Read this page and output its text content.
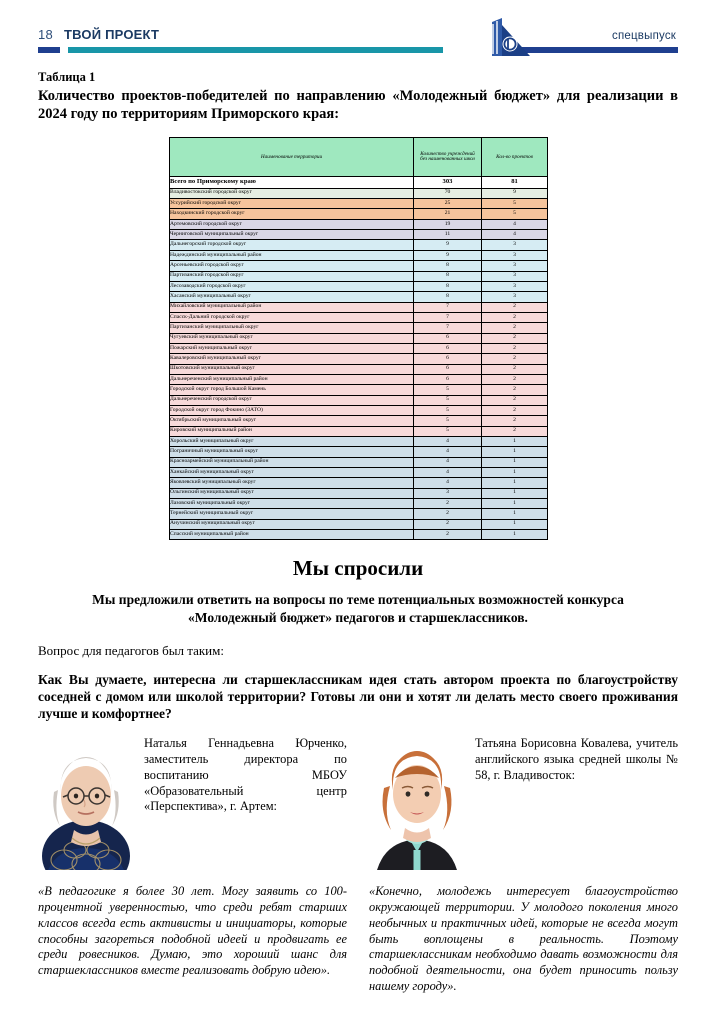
18 ТВОЙ ПРОЕКТ	спецвыпуск
Таблица 1
Количество проектов-победителей по направлению «Молодежный бюджет» для реализации в 2024 году по территориям Приморского края:
Наименование территории	Количество учреждений без наименованных школ	Кол-во проектов
Всего по Приморскому краю	303	81
Владивостокский городской округ	70	9
Уссурийский городской округ	25	5
Находкинский городской округ	21	5
Артемовский городской округ	19	4
Черниговской муниципальный округ	11	4
Дальнегорский городской округ	9	3
Надеждинский муниципальный район	9	3
Арсеньевский городской округ	8	3
Партизанский городской округ	8	3
Лесозаводский городской округ	8	3
Хасанский муниципальный округ	8	3
Михайловский муниципальный район	7	2
Спасск-Дальний городской округ	7	2
Партизанский муниципальный округ	7	2
Чугуевский муниципальный округ	6	2
Пожарский муниципальный округ	6	2
Кавалеровский муниципальный округ	6	2
Шкотовский муниципальный округ	6	2
Дальнереченский муниципальный район	6	2
Городской округ город Большой Камень	5	2
Дальнереченский городской округ	5	2
Городской округ город Фокино (ЗАТО)	5	2
Октябрьский муниципальный округ	5	2
Кировский муниципальный район	5	2
Хорольский муниципальный округ	4	1
Пограничный муниципальный округ	4	1
Красноармейский муниципальный район	4	1
Ханкайский муниципальный округ	4	1
Яковлевский муниципальный округ	4	1
Ольгинский муниципальный округ	3	1
Лазовский муниципальный округ	2	1
Тернейский муниципальный округ	2	1
Анучинский муниципальный округ	2	1
Спасский муниципальный район	2	1
Мы спросили
Мы предложили ответить на вопросы по теме потенциальных возможностей конкурса «Молодежный бюджет» педагогов и старшеклассников.
Вопрос для педагогов был таким:
Как Вы думаете, интересна ли старшеклассникам идея стать автором проекта по благоустройству соседней с домом или школой территории? Готовы ли они и хотят ли делать место своего проживания лучше и комфортнее?
Наталья Геннадьевна Юрченко, заместитель директора по воспитанию МБОУ «Образовательный центр «Перспектива», г. Артем:
«В педагогике я более 30 лет. Могу заявить со 100-процентной уверенностью, что среди ребят старших классов всегда есть активисты и инициаторы, которые способны загореться подобной идеей и продвигать ее среди ровесников. Думаю, это хороший шанс для старшеклассников вместе реализовать добрую идею».
Татьяна Борисовна Ковалева, учитель английского языка средней школы № 58, г. Владивосток:
«Конечно, молодежь интересует благоустройство окружающей территории. У молодого поколения много необычных и практичных идей, которые не всегда могут быть воплощены в реальность. Поэтому старшеклассникам необходимо давать возможности для подобной деятельности, она будет приносить пользу нашему городу».
